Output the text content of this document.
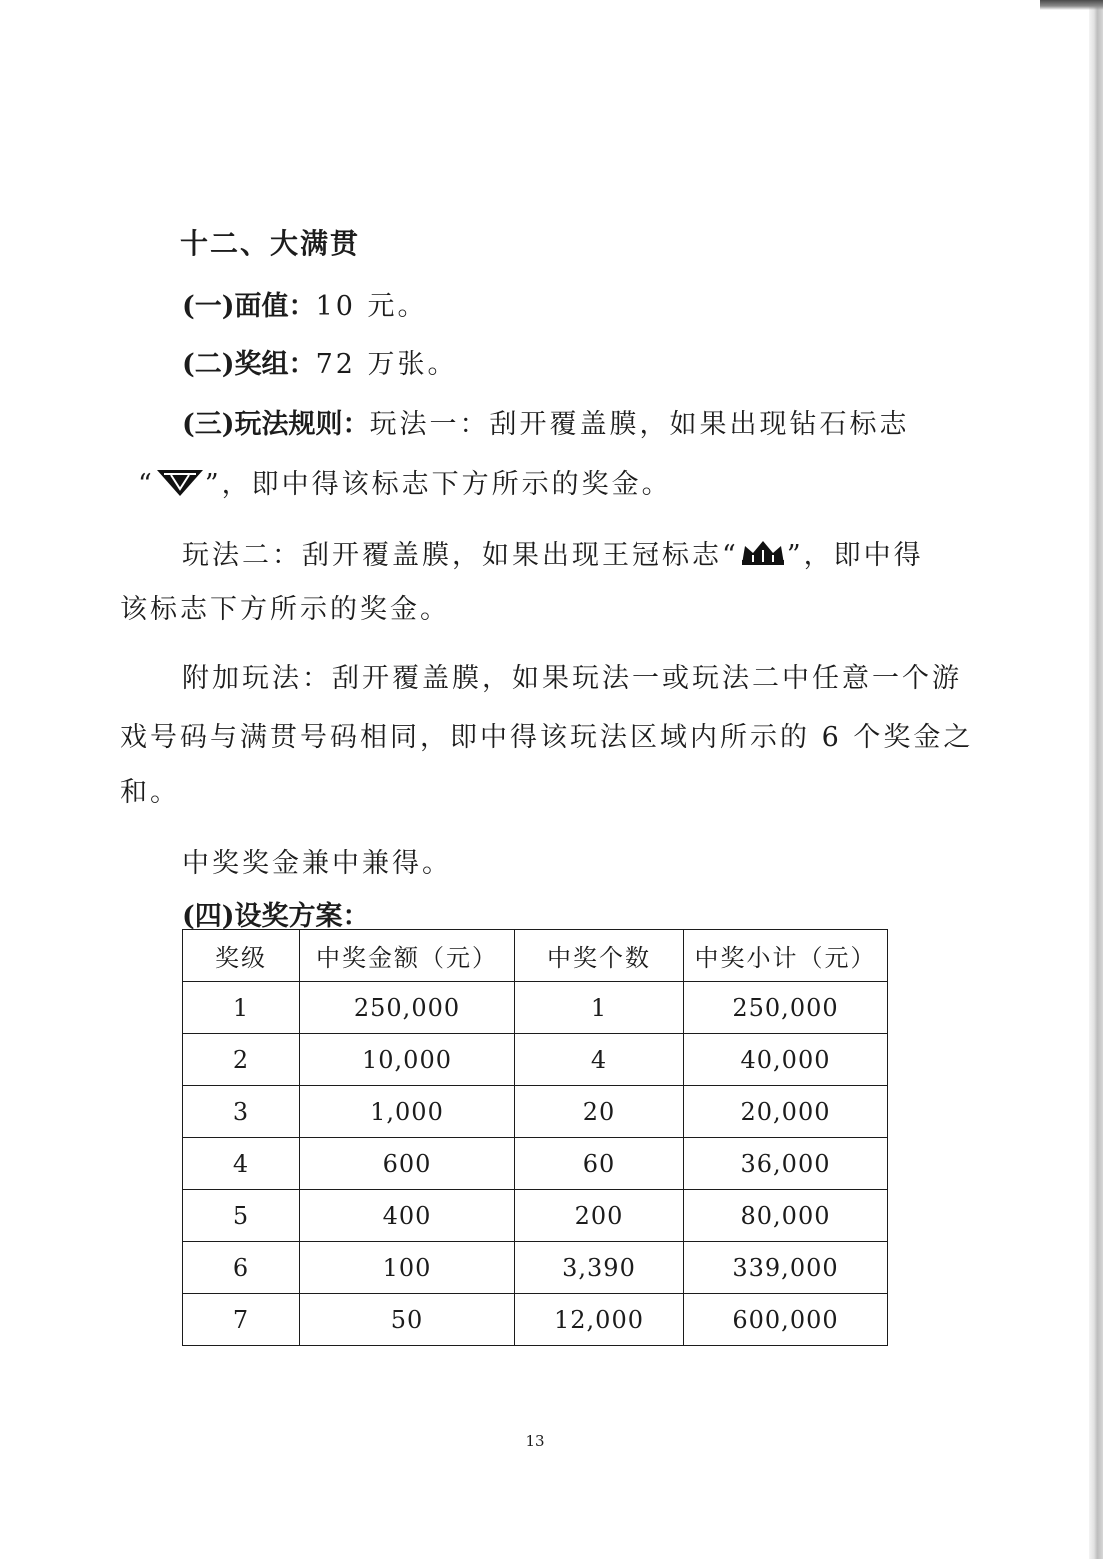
十二、大满贯
(一)面值：10 元。
(二)奖组：72 万张。
(三)玩法规则：玩法一：刮开覆盖膜，如果出现钻石标志
“ ”，即中得该标志下方所示的奖金。
玩法二：刮开覆盖膜，如果出现王冠标志“ ”，即中得
该标志下方所示的奖金。
附加玩法：刮开覆盖膜，如果玩法一或玩法二中任意一个游
戏号码与满贯号码相同，即中得该玩法区域内所示的 6 个奖金之
和。
中奖奖金兼中兼得。
(四)设奖方案：
奖级	中奖金额（元）	中奖个数	中奖小计（元）
1	250,000	1	250,000
2	10,000	4	40,000
3	1,000	20	20,000
4	600	60	36,000
5	400	200	80,000
6	100	3,390	339,000
7	50	12,000	600,000
13
